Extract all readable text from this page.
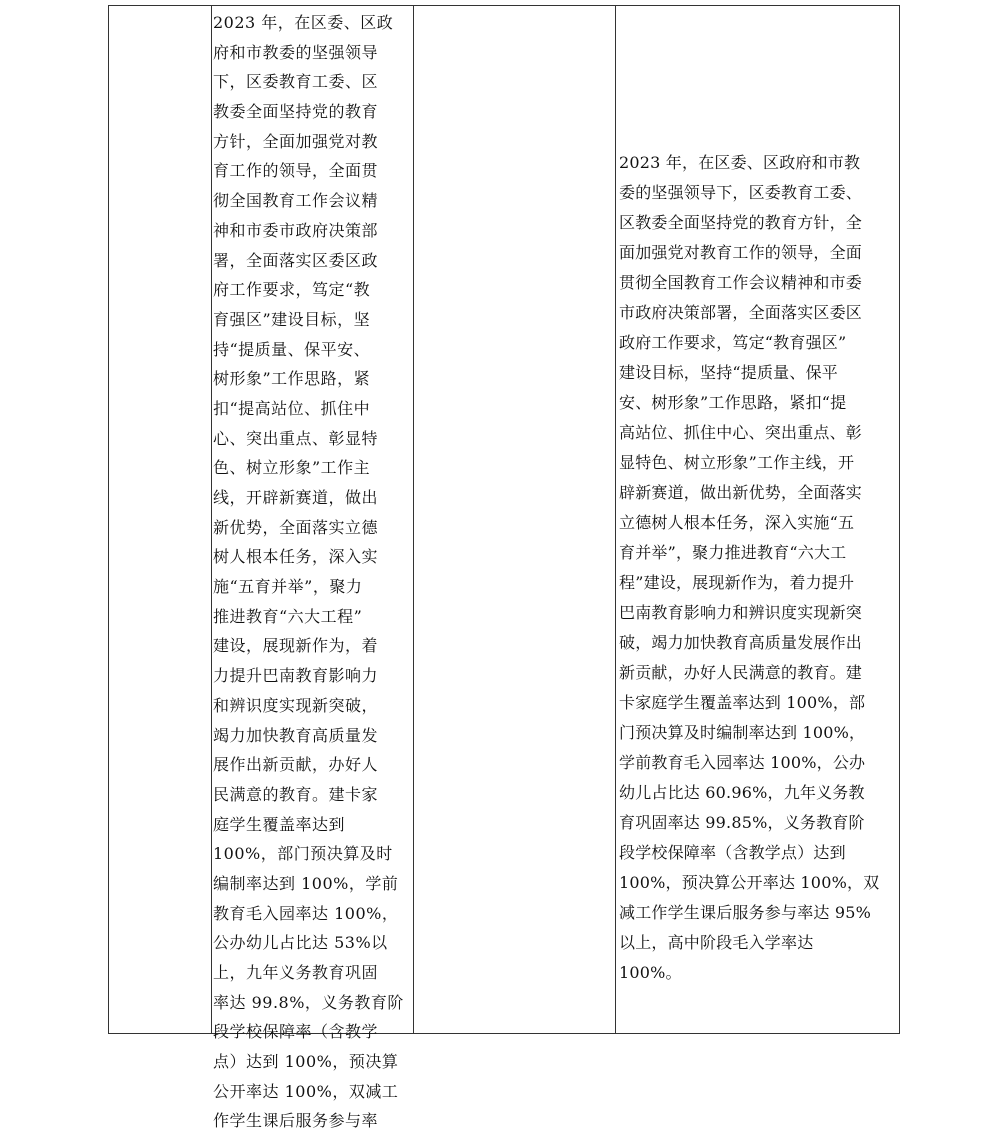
2023 年，在区委、区政
府和市教委的坚强领导
下，区委教育工委、区
教委全面坚持党的教育
方针，全面加强党对教
育工作的领导，全面贯
彻全国教育工作会议精
神和市委市政府决策部
署，全面落实区委区政
府工作要求，笃定“教
育强区”建设目标，坚
持“提质量、保平安、
树形象”工作思路，紧
扣“提高站位、抓住中
心、突出重点、彰显特
色、树立形象”工作主
线，开辟新赛道，做出
新优势，全面落实立德
树人根本任务，深入实
施“五育并举”，聚力
推进教育“六大工程”
建设，展现新作为，着
力提升巴南教育影响力
和辨识度实现新突破，
竭力加快教育高质量发
展作出新贡献，办好人
民满意的教育。建卡家
庭学生覆盖率达到
100%，部门预决算及时
编制率达到 100%，学前
教育毛入园率达 100%，
公办幼儿占比达 53%以
上，九年义务教育巩固
率达 99.8%，义务教育阶
段学校保障率（含教学
点）达到 100%，预决算
公开率达 100%，双减工
作学生课后服务参与率
2023 年，在区委、区政府和市教
委的坚强领导下，区委教育工委、
区教委全面坚持党的教育方针，全
面加强党对教育工作的领导，全面
贯彻全国教育工作会议精神和市委
市政府决策部署，全面落实区委区
政府工作要求，笃定“教育强区”
建设目标，坚持“提质量、保平
安、树形象”工作思路，紧扣“提
高站位、抓住中心、突出重点、彰
显特色、树立形象”工作主线，开
辟新赛道，做出新优势，全面落实
立德树人根本任务，深入实施“五
育并举”，聚力推进教育“六大工
程”建设，展现新作为，着力提升
巴南教育影响力和辨识度实现新突
破，竭力加快教育高质量发展作出
新贡献，办好人民满意的教育。建
卡家庭学生覆盖率达到 100%，部
门预决算及时编制率达到 100%，
学前教育毛入园率达 100%，公办
幼儿占比达 60.96%，九年义务教
育巩固率达 99.85%，义务教育阶
段学校保障率（含教学点）达到
100%，预决算公开率达 100%，双
减工作学生课后服务参与率达 95%
以上，高中阶段毛入学率达
100%。
